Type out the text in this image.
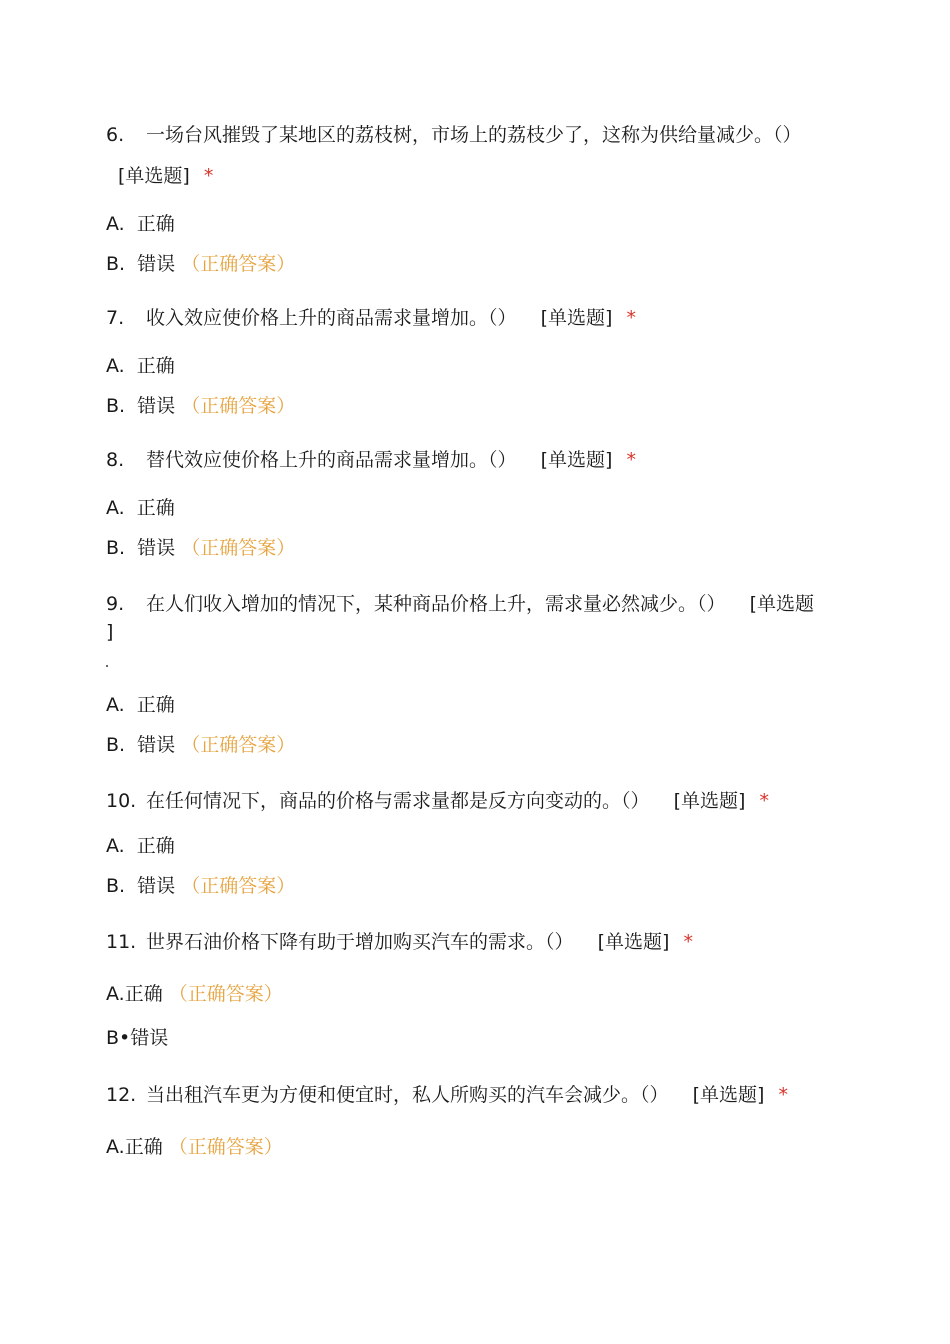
6. 一场台风摧毁了某地区的荔枝树，市场上的荔枝少了，这称为供给量减少。（）
[单选题] *
A. 正确
B. 错误 （正确答案）
7. 收入效应使价格上升的商品需求量增加。（） [单选题] *
A. 正确
B. 错误 （正确答案）
8. 替代效应使价格上升的商品需求量增加。（） [单选题] *
A. 正确
B. 错误 （正确答案）
9. 在人们收入增加的情况下，某种商品价格上升，需求量必然减少。（） [单选题
]
A. 正确
B. 错误 （正确答案）
10. 在任何情况下，商品的价格与需求量都是反方向变动的。（） [单选题] *
A. 正确
B. 错误 （正确答案）
11. 世界石油价格下降有助于增加购买汽车的需求。（） [单选题] *
A.正确 （正确答案）
B•错误
12. 当出租汽车更为方便和便宜时，私人所购买的汽车会减少。（） [单选题] *
A.正确 （正确答案）
